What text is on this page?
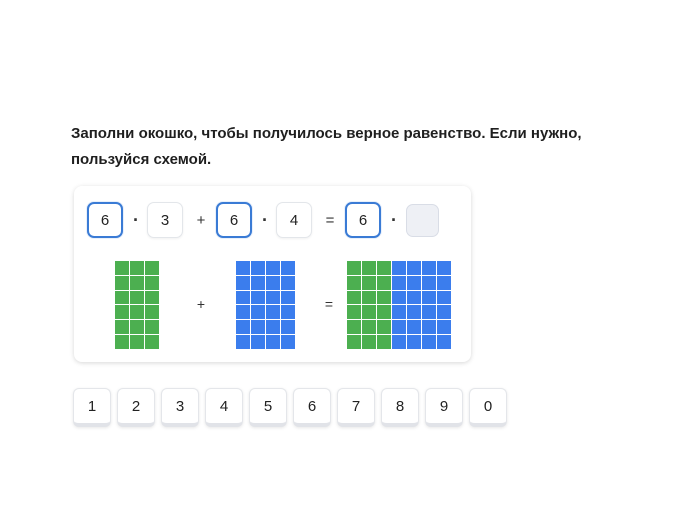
Заполни окошко, чтобы получилось верное равенство. Если нужно,
пользуйся схемой.
6	·	3	+	6	·	4	=	6	·
+	=
1	2	3	4	5	6	7	8	9	0
